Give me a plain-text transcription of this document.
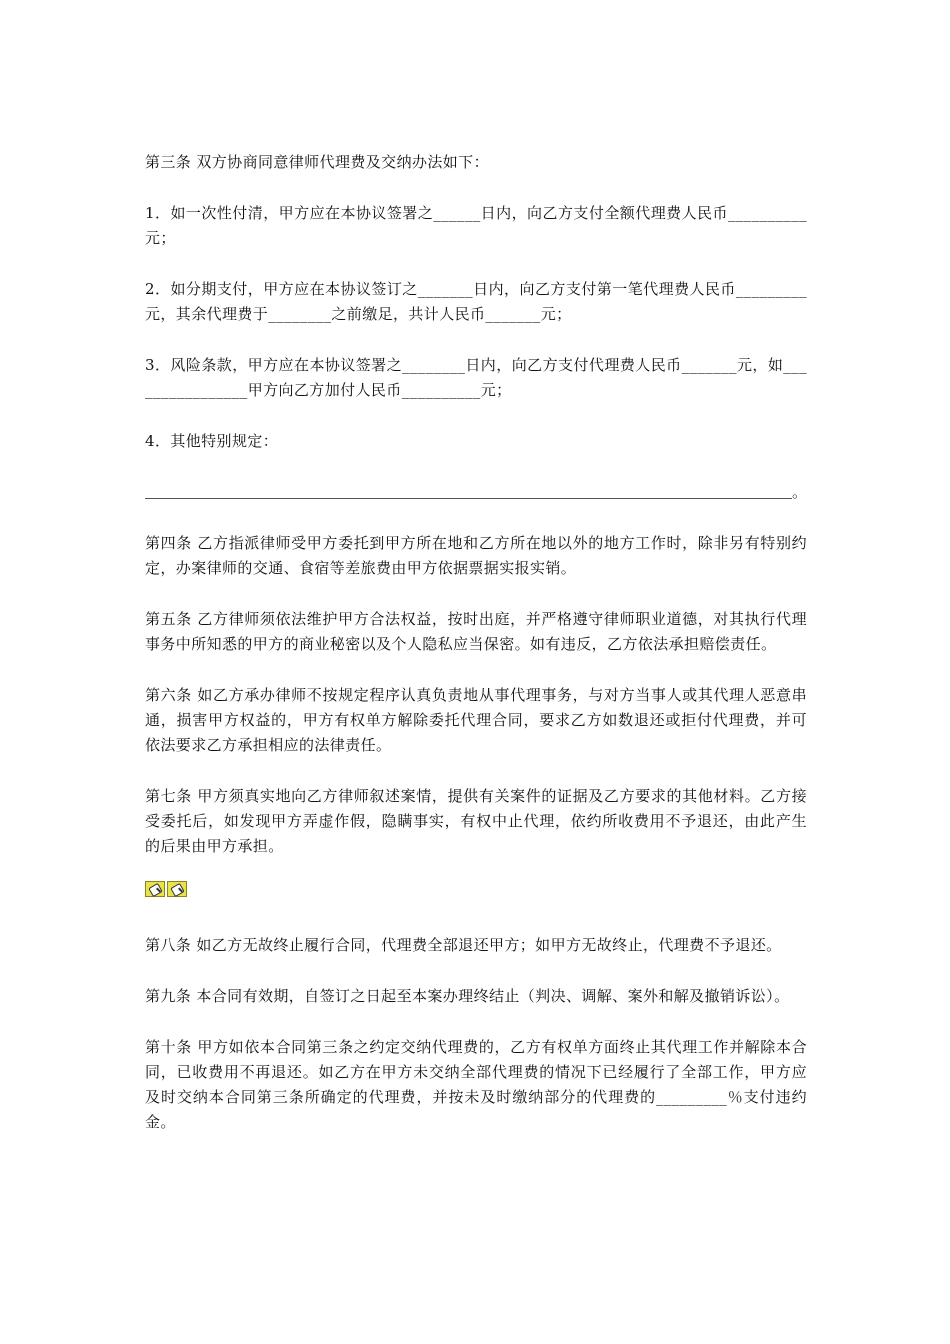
第三条 双方协商同意律师代理费及交纳办法如下：

1．如一次性付清，甲方应在本协议签署之______日内，向乙方支付全额代理费人民币__________元；

2．如分期支付，甲方应在本协议签订之_______日内，向乙方支付第一笔代理费人民币_________元，其余代理费于________之前缴足，共计人民币_______元；

3．风险条款，甲方应在本协议签署之________日内，向乙方支付代理费人民币_______元，如________________甲方向乙方加付人民币__________元；

4．其他特别规定：

。

第四条 乙方指派律师受甲方委托到甲方所在地和乙方所在地以外的地方工作时，除非另有特别约定，办案律师的交通、食宿等差旅费由甲方依据票据实报实销。

第五条 乙方律师须依法维护甲方合法权益，按时出庭，并严格遵守律师职业道德，对其执行代理事务中所知悉的甲方的商业秘密以及个人隐私应当保密。如有违反，乙方依法承担赔偿责任。

第六条 如乙方承办律师不按规定程序认真负责地从事代理事务，与对方当事人或其代理人恶意串通，损害甲方权益的，甲方有权单方解除委托代理合同，要求乙方如数退还或拒付代理费，并可依法要求乙方承担相应的法律责任。

第七条 甲方须真实地向乙方律师叙述案情，提供有关案件的证据及乙方要求的其他材料。乙方接受委托后，如发现甲方弄虚作假，隐瞒事实，有权中止代理，依约所收费用不予退还，由此产生的后果由甲方承担。

第八条 如乙方无故终止履行合同，代理费全部退还甲方；如甲方无故终止，代理费不予退还。

第九条 本合同有效期，自签订之日起至本案办理终结止（判决、调解、案外和解及撤销诉讼）。

第十条 甲方如依本合同第三条之约定交纳代理费的，乙方有权单方面终止其代理工作并解除本合同，已收费用不再退还。如乙方在甲方未交纳全部代理费的情况下已经履行了全部工作，甲方应及时交纳本合同第三条所确定的代理费，并按未及时缴纳部分的代理费的_________％支付违约金。
